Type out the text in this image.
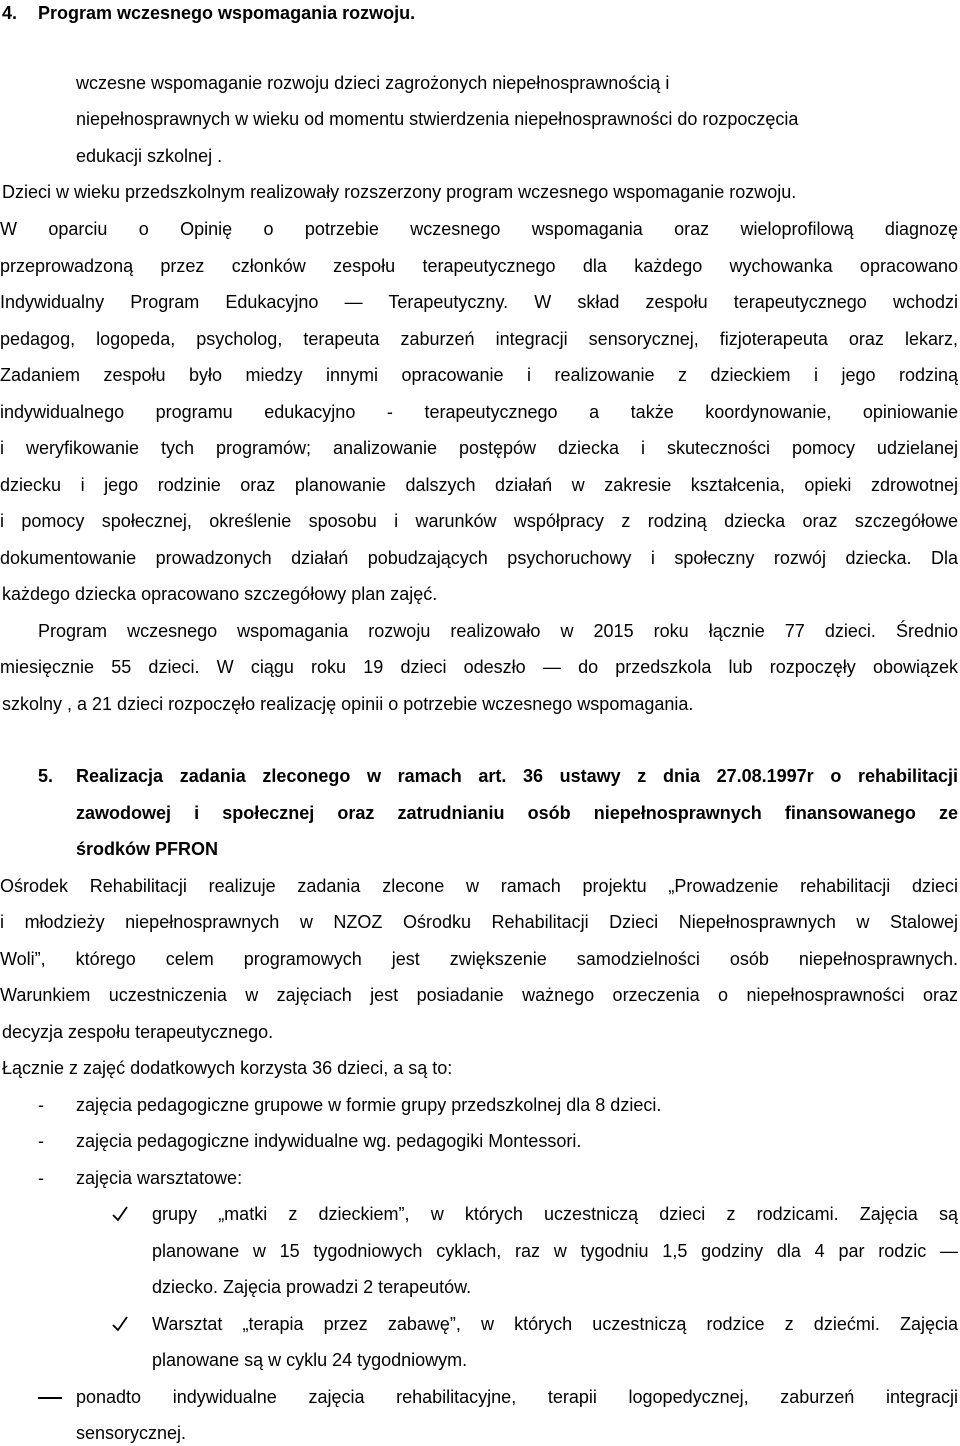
4. Program wczesnego wspomagania rozwoju.
wczesne wspomaganie rozwoju dzieci zagrożonych niepełnosprawnością i
niepełnosprawnych w wieku od momentu stwierdzenia niepełnosprawności do rozpoczęcia
edukacji szkolnej .
Dzieci w wieku przedszkolnym realizowały rozszerzony program wczesnego wspomaganie rozwoju.
W oparciu o Opinię o potrzebie wczesnego wspomagania oraz wieloprofilową diagnozę
przeprowadzoną przez członków zespołu terapeutycznego dla każdego wychowanka opracowano
Indywidualny Program Edukacyjno — Terapeutyczny. W skład zespołu terapeutycznego wchodzi
pedagog, logopeda, psycholog, terapeuta zaburzeń integracji sensorycznej, fizjoterapeuta oraz lekarz,
Zadaniem zespołu było miedzy innymi opracowanie i realizowanie z dzieckiem i jego rodziną
indywidualnego programu edukacyjno - terapeutycznego a także koordynowanie, opiniowanie
i weryfikowanie tych programów; analizowanie postępów dziecka i skuteczności pomocy udzielanej
dziecku i jego rodzinie oraz planowanie dalszych działań w zakresie kształcenia, opieki zdrowotnej
i pomocy społecznej, określenie sposobu i warunków współpracy z rodziną dziecka oraz szczegółowe
dokumentowanie prowadzonych działań pobudzających psychoruchowy i społeczny rozwój dziecka. Dla
każdego dziecka opracowano szczegółowy plan zajęć.
Program wczesnego wspomagania rozwoju realizowało w 2015 roku łącznie 77 dzieci. Średnio
miesięcznie 55 dzieci. W ciągu roku 19 dzieci odeszło — do przedszkola lub rozpoczęły obowiązek
szkolny , a 21 dzieci rozpoczęło realizację opinii o potrzebie wczesnego wspomagania.
5. Realizacja zadania zleconego w ramach art. 36 ustawy z dnia 27.08.1997r o rehabilitacji
zawodowej i społecznej oraz zatrudnianiu osób niepełnosprawnych finansowanego ze
środków PFRON
Ośrodek Rehabilitacji realizuje zadania zlecone w ramach projektu „Prowadzenie rehabilitacji dzieci
i młodzieży niepełnosprawnych w NZOZ Ośrodku Rehabilitacji Dzieci Niepełnosprawnych w Stalowej
Woli”, którego celem programowych jest zwiększenie samodzielności osób niepełnosprawnych.
Warunkiem uczestniczenia w zajęciach jest posiadanie ważnego orzeczenia o niepełnosprawności oraz
decyzja zespołu terapeutycznego.
Łącznie z zajęć dodatkowych korzysta 36 dzieci, a są to:
- zajęcia pedagogiczne grupowe w formie grupy przedszkolnej dla 8 dzieci.
- zajęcia pedagogiczne indywidualne wg. pedagogiki Montessori.
- zajęcia warsztatowe:
grupy „matki z dzieckiem”, w których uczestniczą dzieci z rodzicami. Zajęcia są
planowane w 15 tygodniowych cyklach, raz w tygodniu 1,5 godziny dla 4 par rodzic —
dziecko. Zajęcia prowadzi 2 terapeutów.
Warsztat „terapia przez zabawę”, w których uczestniczą rodzice z dziećmi. Zajęcia
planowane są w cyklu 24 tygodniowym.
ponadto indywidualne zajęcia rehabilitacyjne, terapii logopedycznej, zaburzeń integracji
sensorycznej.
